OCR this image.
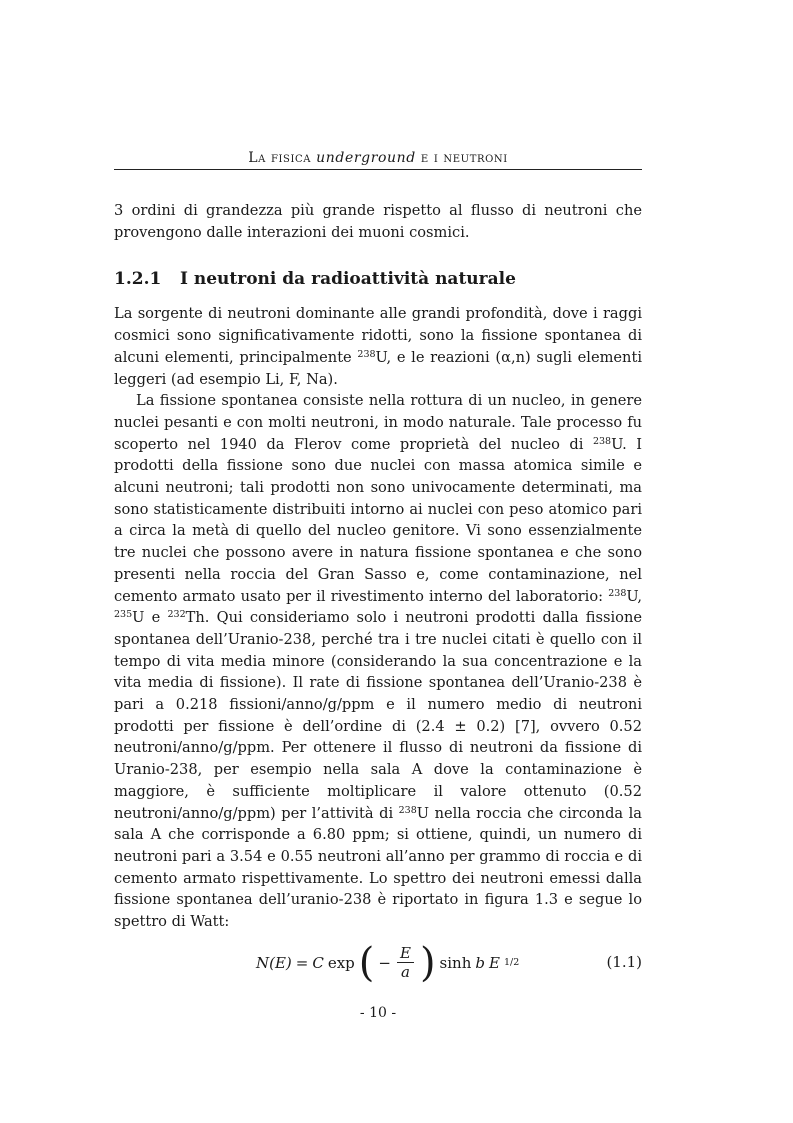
La fisica underground e i neutroni

3 ordini di grandezza più grande rispetto al flusso di neutroni che provengono dalle interazioni dei muoni cosmici.

1.2.1	I neutroni da radioattività naturale

La sorgente di neutroni dominante alle grandi profondità, dove i raggi cosmici sono significativamente ridotti, sono la fissione spontanea di alcuni elementi, principalmente $^{238}$U, e le reazioni (α,n) sugli elementi leggeri (ad esempio Li, F, Na).

La fissione spontanea consiste nella rottura di un nucleo, in genere nuclei pesanti e con molti neutroni, in modo naturale. Tale processo fu scoperto nel 1940 da Flerov come proprietà del nucleo di $^{238}$U. I prodotti della fissione sono due nuclei con massa atomica simile e alcuni neutroni; tali prodotti non sono univocamente determinati, ma sono statisticamente distribuiti intorno ai nuclei con peso atomico pari a circa la metà di quello del nucleo genitore. Vi sono essenzialmente tre nuclei che possono avere in natura fissione spontanea e che sono presenti nella roccia del Gran Sasso e, come contaminazione, nel cemento armato usato per il rivestimento interno del laboratorio: $^{238}$U, $^{235}$U e $^{232}$Th. Qui consideriamo solo i neutroni prodotti dalla fissione spontanea dell’Uranio-238, perché tra i tre nuclei citati è quello con il tempo di vita media minore (considerando la sua concentrazione e la vita media di fissione). Il rate di fissione spontanea dell’Uranio-238 è pari a 0.218 fissioni/anno/g/ppm e il numero medio di neutroni prodotti per fissione è dell’ordine di (2.4 ± 0.2) [7], ovvero 0.52 neutroni/anno/g/ppm. Per ottenere il flusso di neutroni da fissione di Uranio-238, per esempio nella sala A dove la contaminazione è maggiore, è sufficiente moltiplicare il valore ottenuto (0.52 neutroni/anno/g/ppm) per l’attività di $^{238}$U nella roccia che circonda la sala A che corrisponde a 6.80 ppm; si ottiene, quindi, un numero di neutroni pari a 3.54 e 0.55 neutroni all’anno per grammo di roccia e di cemento armato rispettivamente. Lo spettro dei neutroni emessi dalla fissione spontanea dell’uranio-238 è riportato in figura 1.3 e segue lo spettro di Watt:

N(E) = C exp ( − $\frac{E}{a}$ ) sinh b E 1/2	(1.1)
- 10 -
